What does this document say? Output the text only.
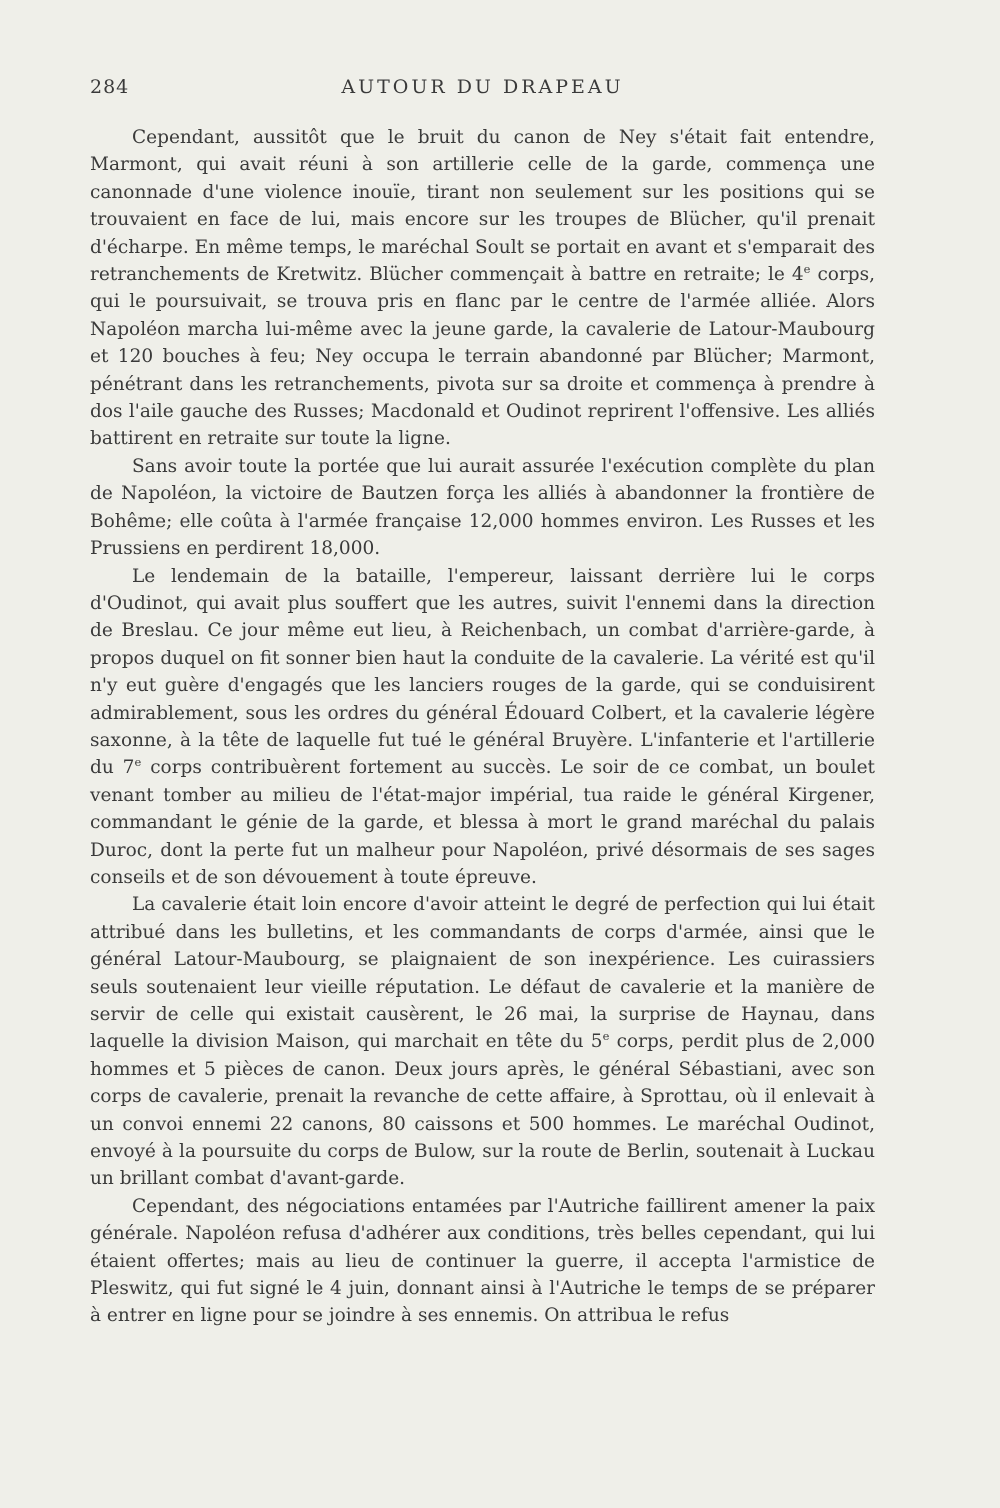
284	AUTOUR DU DRAPEAU

Cependant, aussitôt que le bruit du canon de Ney s'était fait entendre, Marmont, qui avait réuni à son artillerie celle de la garde, commença une canonnade d'une violence inouïe, tirant non seulement sur les positions qui se trouvaient en face de lui, mais encore sur les troupes de Blücher, qu'il prenait d'écharpe. En même temps, le maréchal Soult se portait en avant et s'emparait des retranchements de Kretwitz. Blücher commençait à battre en retraite; le 4e corps, qui le poursuivait, se trouva pris en flanc par le centre de l'armée alliée. Alors Napoléon marcha lui-même avec la jeune garde, la cavalerie de Latour-Maubourg et 120 bouches à feu; Ney occupa le terrain abandonné par Blücher; Marmont, pénétrant dans les retranchements, pivota sur sa droite et commença à prendre à dos l'aile gauche des Russes; Macdonald et Oudinot reprirent l'offensive. Les alliés battirent en retraite sur toute la ligne.

Sans avoir toute la portée que lui aurait assurée l'exécution complète du plan de Napoléon, la victoire de Bautzen força les alliés à abandonner la frontière de Bohême; elle coûta à l'armée française 12,000 hommes environ. Les Russes et les Prussiens en perdirent 18,000.

Le lendemain de la bataille, l'empereur, laissant derrière lui le corps d'Oudinot, qui avait plus souffert que les autres, suivit l'ennemi dans la direction de Breslau. Ce jour même eut lieu, à Reichenbach, un combat d'arrière-garde, à propos duquel on fit sonner bien haut la conduite de la cavalerie. La vérité est qu'il n'y eut guère d'engagés que les lanciers rouges de la garde, qui se conduisirent admirablement, sous les ordres du général Édouard Colbert, et la cavalerie légère saxonne, à la tête de laquelle fut tué le général Bruyère. L'infanterie et l'artillerie du 7e corps contribuèrent fortement au succès. Le soir de ce combat, un boulet venant tomber au milieu de l'état-major impérial, tua raide le général Kirgener, commandant le génie de la garde, et blessa à mort le grand maréchal du palais Duroc, dont la perte fut un malheur pour Napoléon, privé désormais de ses sages conseils et de son dévouement à toute épreuve.

La cavalerie était loin encore d'avoir atteint le degré de perfection qui lui était attribué dans les bulletins, et les commandants de corps d'armée, ainsi que le général Latour-Maubourg, se plaignaient de son inexpérience. Les cuirassiers seuls soutenaient leur vieille réputation. Le défaut de cavalerie et la manière de servir de celle qui existait causèrent, le 26 mai, la surprise de Haynau, dans laquelle la division Maison, qui marchait en tête du 5e corps, perdit plus de 2,000 hommes et 5 pièces de canon. Deux jours après, le général Sébastiani, avec son corps de cavalerie, prenait la revanche de cette affaire, à Sprottau, où il enlevait à un convoi ennemi 22 canons, 80 caissons et 500 hommes. Le maréchal Oudinot, envoyé à la poursuite du corps de Bulow, sur la route de Berlin, soutenait à Luckau un brillant combat d'avant-garde.

Cependant, des négociations entamées par l'Autriche faillirent amener la paix générale. Napoléon refusa d'adhérer aux conditions, très belles cependant, qui lui étaient offertes; mais au lieu de continuer la guerre, il accepta l'armistice de Pleswitz, qui fut signé le 4 juin, donnant ainsi à l'Autriche le temps de se préparer à entrer en ligne pour se joindre à ses ennemis. On attribua le refus
